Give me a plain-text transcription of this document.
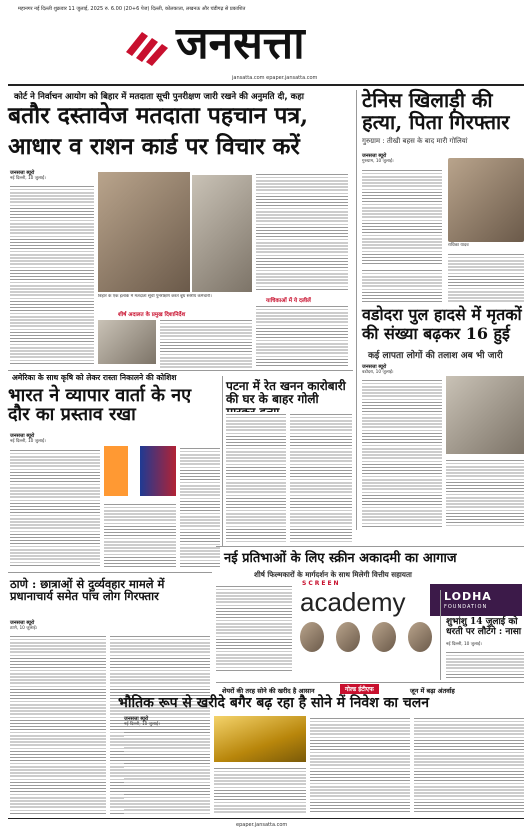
महानगर नई दिल्ली शुक्रवार 11 जुलाई, 2025 रु. 6.00 (20+6 पेज) दिल्ली, कोलकाता, लखनऊ और चंडीगढ़ से प्रकाशित
जनसत्ता
jansatta.com epaper.jansatta.com
कोर्ट ने निर्वाचन आयोग को बिहार में मतदाता सूची पुनरीक्षण जारी रखने की अनुमति दी, कहा
बतौर दस्तावेज मतदाता पहचान पत्र,
आधार व राशन कार्ड पर विचार करें
जनसत्ता ब्यूरो
नई दिल्ली, 10 जुलाई।
बिहार के एक इलाके में मतदाता सूची पुनरीक्षण करते बूथ स्तरीय कर्मचारी।
शीर्ष अदालत के प्रमुख दिशानिर्देश
याचिकाओं में ये दलीलें
टेनिस खिलाड़ी की हत्या, पिता गिरफ्तार
गुरुग्राम : तीखी बहस के बाद मारी गोलियां
जनसत्ता ब्यूरो
गुरुग्राम, 10 जुलाई।
राधिका यादव
वडोदरा पुल हादसे में मृतकों
की संख्या बढ़कर 16 हुई
कई लापता लोगों की तलाश अब भी जारी
अमेरिका के साथ कृषि को लेकर रास्ता निकालने की कोशिश
भारत ने व्यापार वार्ता के नए दौर का प्रस्ताव रखा
जनसत्ता ब्यूरो
नई दिल्ली, 10 जुलाई।
पटना में रेत खनन कारोबारी की घर के बाहर गोली
जनसत्ता ब्यूरो
वडोदरा, 10 जुलाई।
नई प्रतिभाओं के लिए स्क्रीन अकादमी का आगाज
शीर्ष फिल्मकारों के मार्गदर्शन के साथ मिलेगी वित्तीय सहायता
SCREEN
academy	LODHA
FOUNDATION
शुभांशु 14 जुलाई को धरती पर लौटेंगे : नासा
नई दिल्ली, 10 जुलाई।
ठाणे : छात्राओं से दुर्व्यवहार मामले में प्रधानाचार्य समेत पांच लोग गिरफ्तार
जनसत्ता ब्यूरो
ठाणे, 10 जुलाई।
शेयरों की तरह सोने की खरीद है आसान	गोल्ड ईटीएफ	जून में बढ़ा अंतर्वाह
भौतिक रूप से खरीदे बगैर बढ़ रहा है सोने में निवेश का चलन
जनसत्ता ब्यूरो
नई दिल्ली, 10 जुलाई।
epaper.jansatta.com
